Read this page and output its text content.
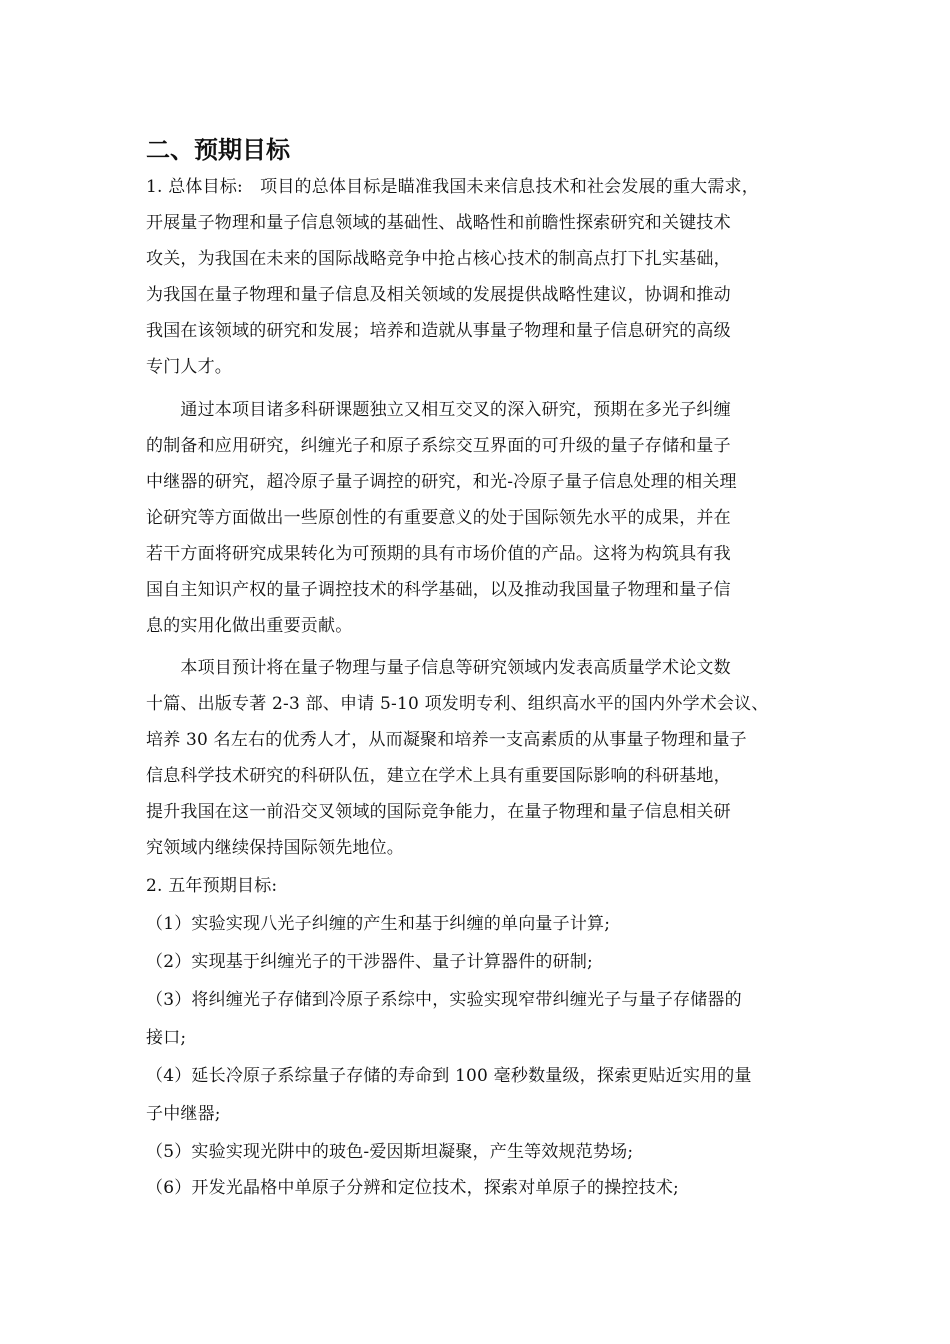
二、预期目标
1. 总体目标:　项目的总体目标是瞄准我国未来信息技术和社会发展的重大需求，
开展量子物理和量子信息领域的基础性、战略性和前瞻性探索研究和关键技术
攻关，为我国在未来的国际战略竞争中抢占核心技术的制高点打下扎实基础，
为我国在量子物理和量子信息及相关领域的发展提供战略性建议，协调和推动
我国在该领域的研究和发展；培养和造就从事量子物理和量子信息研究的高级
专门人才。
　　通过本项目诸多科研课题独立又相互交叉的深入研究，预期在多光子纠缠
的制备和应用研究，纠缠光子和原子系综交互界面的可升级的量子存储和量子
中继器的研究，超冷原子量子调控的研究，和光-冷原子量子信息处理的相关理
论研究等方面做出一些原创性的有重要意义的处于国际领先水平的成果，并在
若干方面将研究成果转化为可预期的具有市场价值的产品。这将为构筑具有我
国自主知识产权的量子调控技术的科学基础，以及推动我国量子物理和量子信
息的实用化做出重要贡献。
　　本项目预计将在量子物理与量子信息等研究领域内发表高质量学术论文数
十篇、出版专著 2-3 部、申请 5-10 项发明专利、组织高水平的国内外学术会议、
培养 30 名左右的优秀人才，从而凝聚和培养一支高素质的从事量子物理和量子
信息科学技术研究的科研队伍，建立在学术上具有重要国际影响的科研基地，
提升我国在这一前沿交叉领域的国际竞争能力，在量子物理和量子信息相关研
究领域内继续保持国际领先地位。
2. 五年预期目标:
（1）实验实现八光子纠缠的产生和基于纠缠的单向量子计算;
（2）实现基于纠缠光子的干涉器件、量子计算器件的研制;
（3）将纠缠光子存储到冷原子系综中，实验实现窄带纠缠光子与量子存储器的
接口;
（4）延长冷原子系综量子存储的寿命到 100 毫秒数量级，探索更贴近实用的量
子中继器;
（5）实验实现光阱中的玻色-爱因斯坦凝聚，产生等效规范势场;
（6）开发光晶格中单原子分辨和定位技术，探索对单原子的操控技术;
